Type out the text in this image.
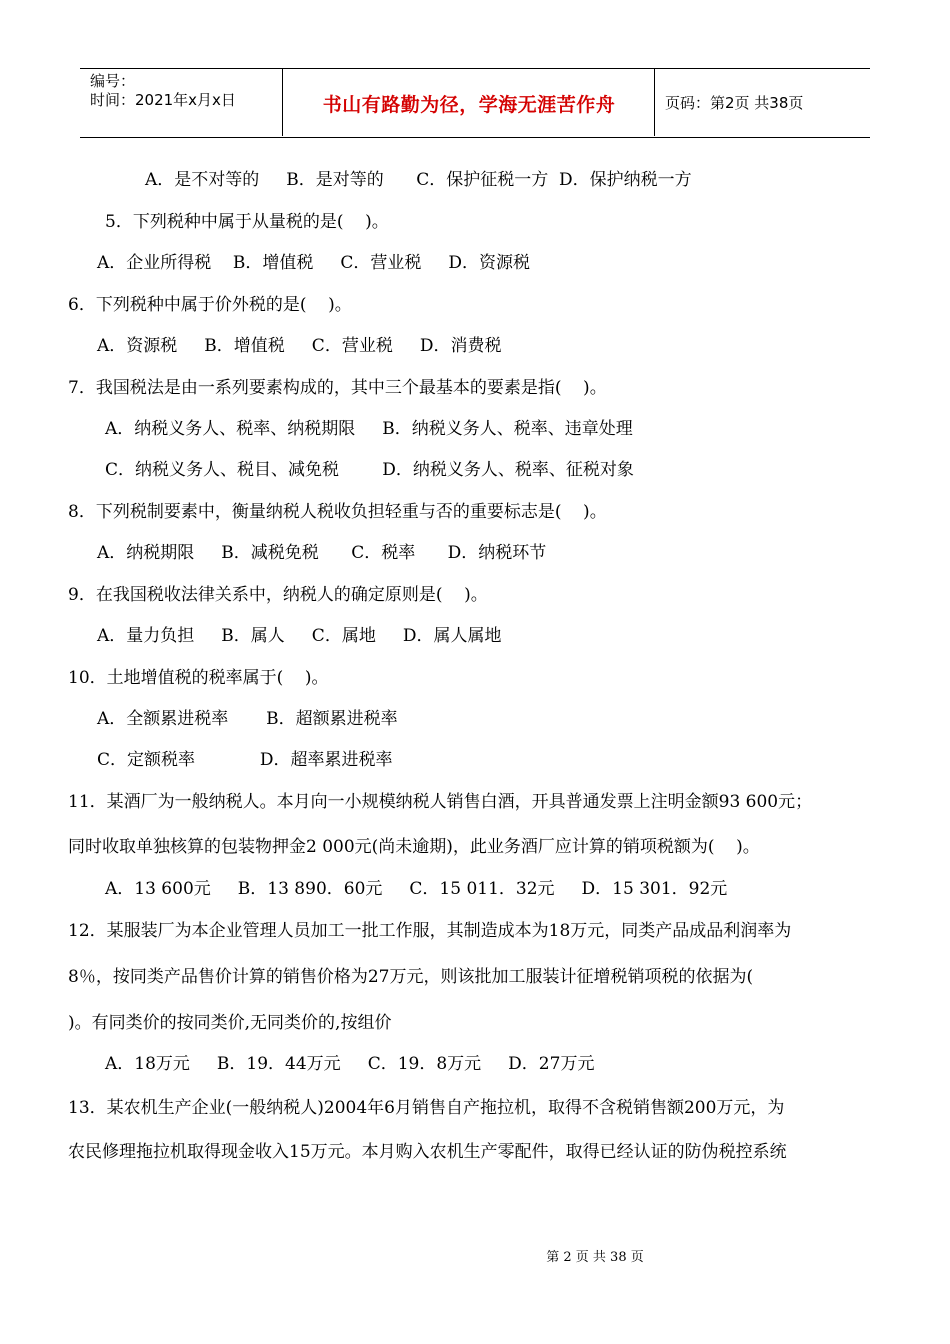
编号：
时间：2021年x月x日	书山有路勤为径，学海无涯苦作舟	页码：第2页 共38页
A．是不对等的     B．是对等的      C．保护征税一方  D．保护纳税一方
5．下列税种中属于从量税的是(    )。
A．企业所得税    B．增值税     C．营业税     D．资源税
6．下列税种中属于价外税的是(    )。
A．资源税     B．增值税     C．营业税     D．消费税
7．我国税法是由一系列要素构成的，其中三个最基本的要素是指(    )。
A．纳税义务人、税率、纳税期限     B．纳税义务人、税率、违章处理
C．纳税义务人、税目、减免税        D．纳税义务人、税率、征税对象
8．下列税制要素中，衡量纳税人税收负担轻重与否的重要标志是(    )。
A．纳税期限     B．减税免税      C．税率      D．纳税环节
9．在我国税收法律关系中，纳税人的确定原则是(    )。
A．量力负担     B．属人     C．属地     D．属人属地
10．土地增值税的税率属于(    )。
A．全额累进税率       B．超额累进税率
C．定额税率            D．超率累进税率
11．某酒厂为一般纳税人。本月向一小规模纳税人销售白酒，开具普通发票上注明金额93 600元；
同时收取单独核算的包装物押金2 000元(尚未逾期)，此业务酒厂应计算的销项税额为(    )。
A．13 600元     B．13 890．60元     C．15 011．32元     D．15 301．92元
12．某服装厂为本企业管理人员加工一批工作服，其制造成本为18万元，同类产品成品利润率为
8％，按同类产品售价计算的销售价格为27万元，则该批加工服装计征增税销项税的依据为(
)。有同类价的按同类价,无同类价的,按组价
A．18万元     B．19．44万元     C．19．8万元     D．27万元
13．某农机生产企业(一般纳税人)2004年6月销售自产拖拉机，取得不含税销售额200万元，为
农民修理拖拉机取得现金收入15万元。本月购入农机生产零配件，取得已经认证的防伪税控系统
第 2 页 共 38 页
